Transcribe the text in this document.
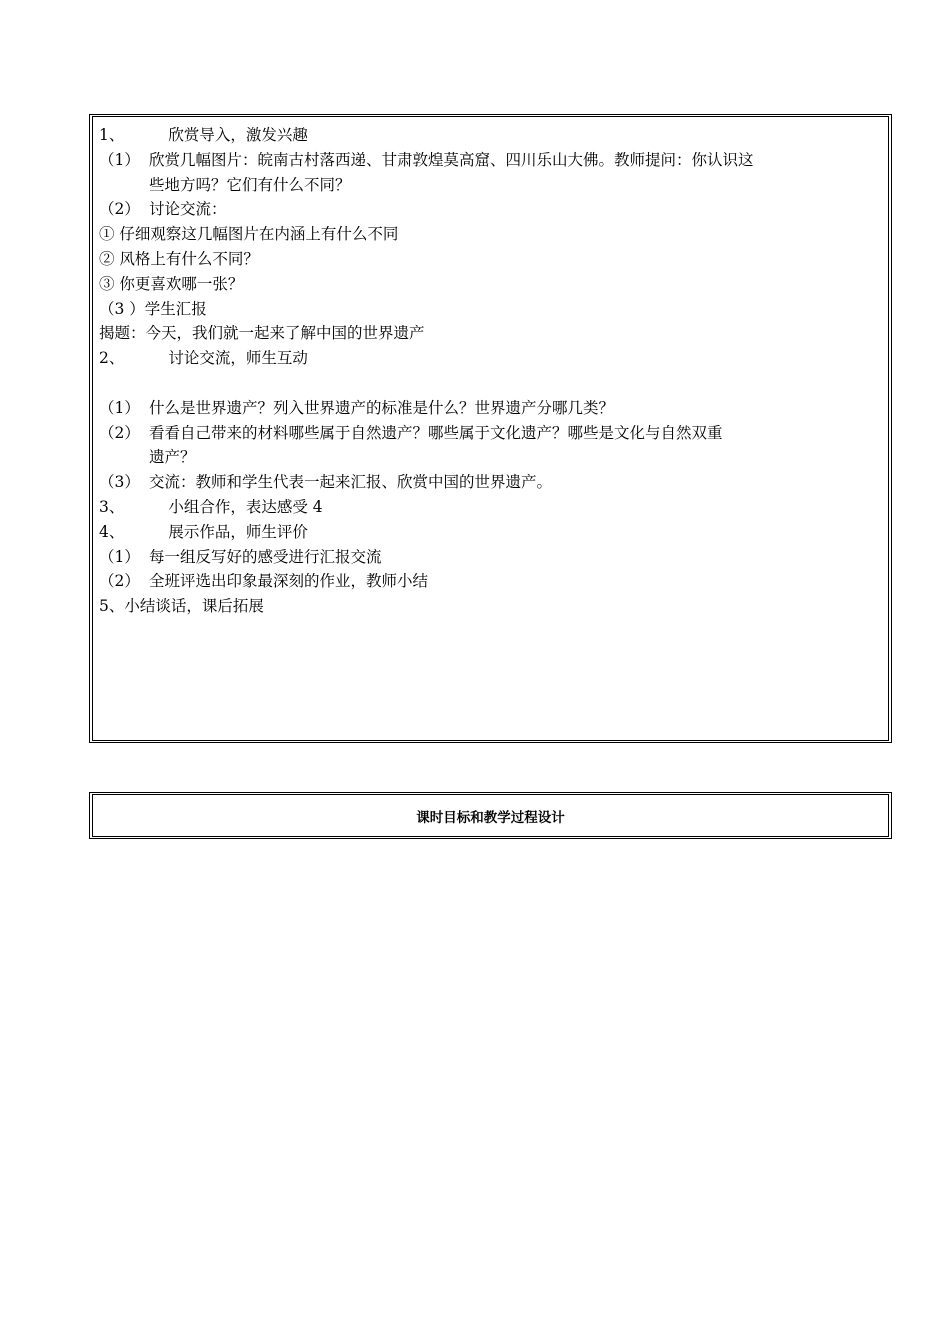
1、	欣赏导入，激发兴趣
（1） 欣赏几幅图片：皖南古村落西递、甘肃敦煌莫高窟、四川乐山大佛。教师提问：你认识这
些地方吗？它们有什么不同？
（2） 讨论交流：
① 仔细观察这几幅图片在内涵上有什么不同
② 风格上有什么不同？
③ 你更喜欢哪一张？
（3 ）学生汇报
揭题：今天，我们就一起来了解中国的世界遗产
2、	讨论交流，师生互动
（1） 什么是世界遗产？列入世界遗产的标准是什么？世界遗产分哪几类？
（2） 看看自己带来的材料哪些属于自然遗产？哪些属于文化遗产？哪些是文化与自然双重
遗产？
（3） 交流：教师和学生代表一起来汇报、欣赏中国的世界遗产。
3、	小组合作，表达感受 4
4、	展示作品，师生评价
（1） 每一组反写好的感受进行汇报交流
（2） 全班评选出印象最深刻的作业，教师小结
5、小结谈话，课后拓展
课时目标和教学过程设计
